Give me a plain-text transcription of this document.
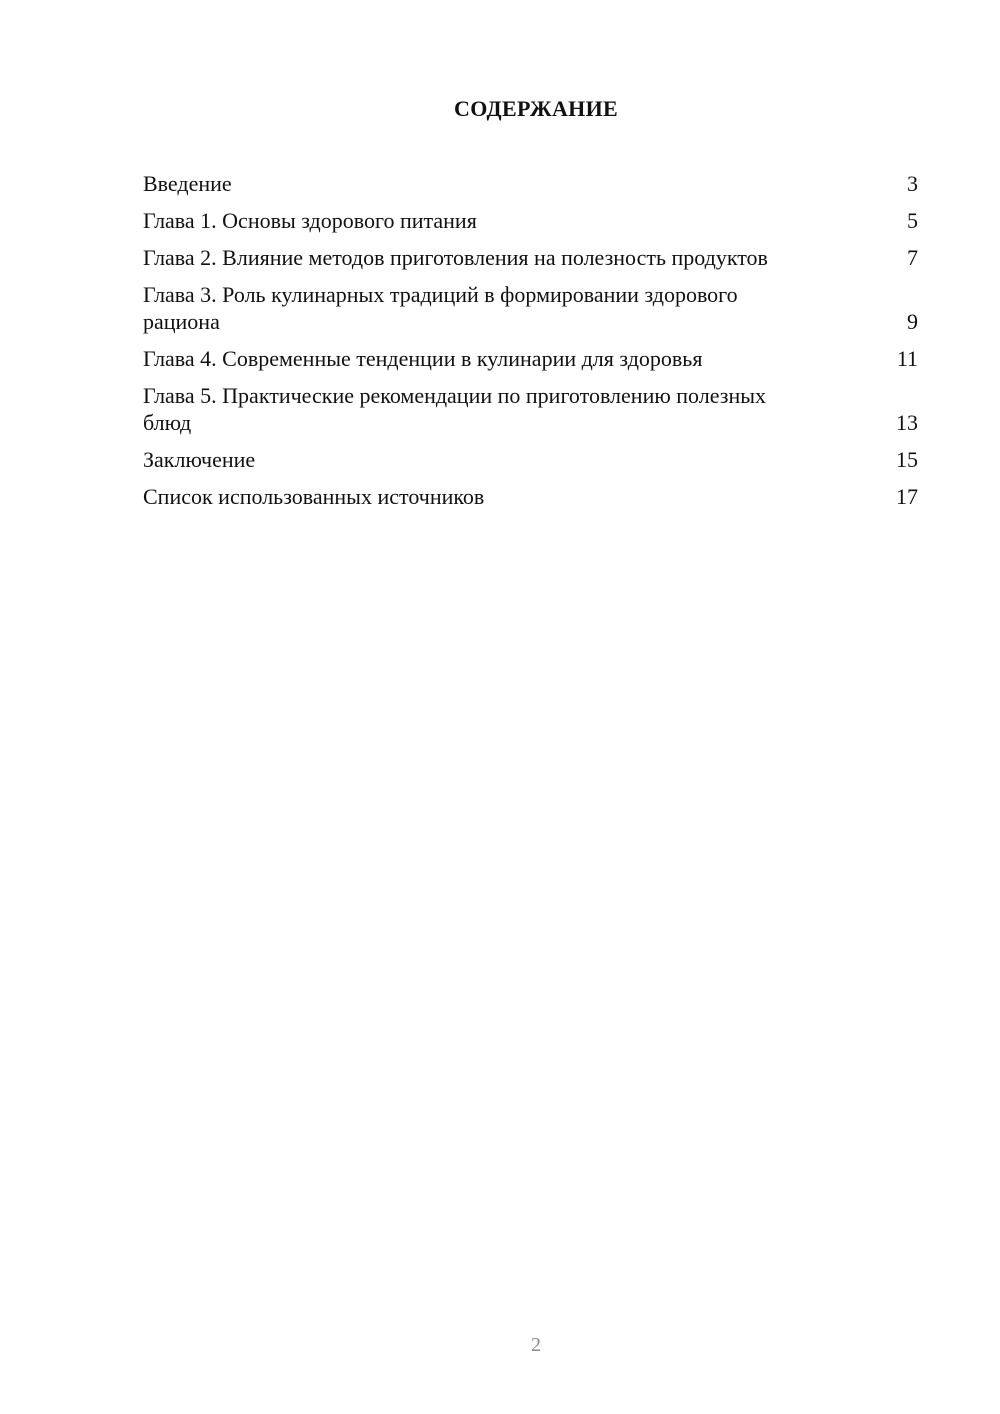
СОДЕРЖАНИЕ
Введение	3
Глава 1. Основы здорового питания	5
Глава 2. Влияние методов приготовления на полезность продуктов	7
Глава 3. Роль кулинарных традиций в формировании здорового рациона	9
Глава 4. Современные тенденции в кулинарии для здоровья	11
Глава 5. Практические рекомендации по приготовлению полезных блюд	13
Заключение	15
Список использованных источников	17
2
